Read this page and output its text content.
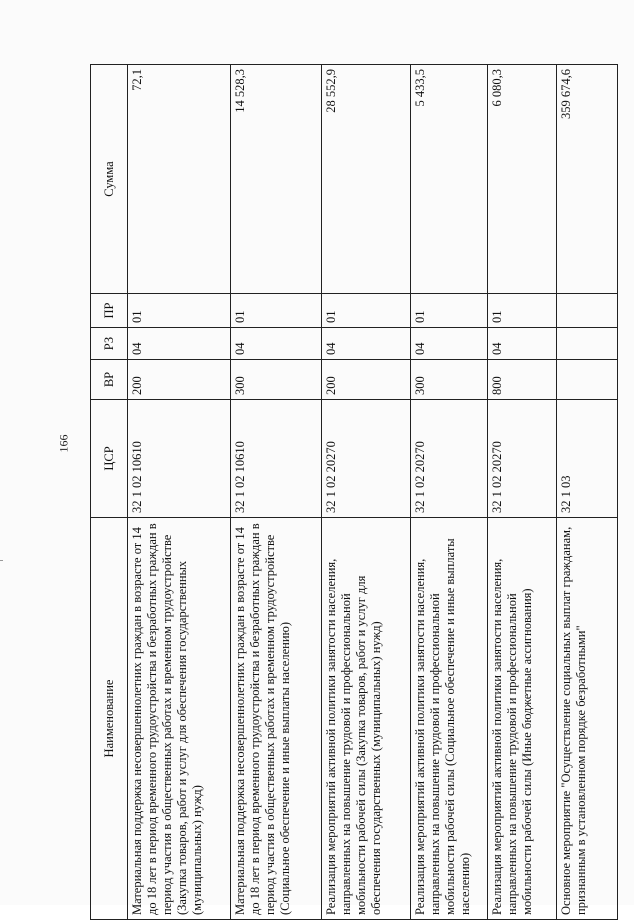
166
Наименование	ЦСР	ВР	РЗ	ПР	Сумма
Материальная поддержка несовершеннолетних граждан в возрасте от 14 до 18 лет в период временного трудоустройства и безработных граждан в период участия в общественных работах и временном трудоустройстве (Закупка товаров, работ и услуг для обеспечения государственных (муниципальных) нужд)	32 1 02 10610	200	04	01	72,1
Материальная поддержка несовершеннолетних граждан в возрасте от 14 до 18 лет в период временного трудоустройства и безработных граждан в период участия в общественных работах и временном трудоустройстве (Социальное обеспечение и иные выплаты населению)	32 1 02 10610	300	04	01	14 528,3
Реализация мероприятий активной политики занятости населения, направленных на повышение трудовой и профессиональной мобильности рабочей силы (Закупка товаров, работ и услуг для обеспечения государственных (муниципальных) нужд)	32 1 02 20270	200	04	01	28 552,9
Реализация мероприятий активной политики занятости населения, направленных на повышение трудовой и профессиональной мобильности рабочей силы (Социальное обеспечение и иные выплаты населению)	32 1 02 20270	300	04	01	5 433,5
Реализация мероприятий активной политики занятости населения, направленных на повышение трудовой и профессиональной мобильности рабочей силы (Иные бюджетные ассигнования)	32 1 02 20270	800	04	01	6 080,3
Основное мероприятие "Осуществление социальных выплат гражданам, признанным в установленном порядке безработными"	32 1 03				359 674,6
